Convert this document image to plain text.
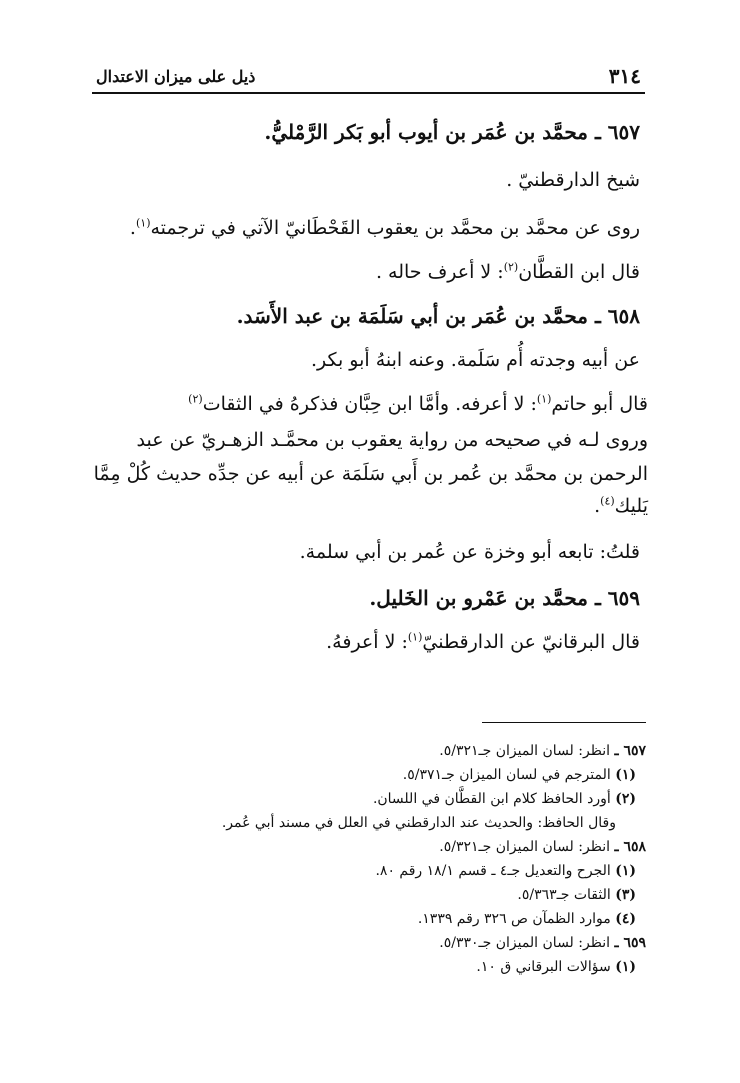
٣١٤
ذيل على ميزان الاعتدال
٦٥٧ ـ محمَّد بن عُمَر بن أيوب أبو بَكر الرَّمْليُّ.
شيخ الدارقطنيّ .
روى عن محمَّد بن محمَّد بن يعقوب القَحْطَانيّ الآتي في ترجمته$^{(١)}$.
قال ابن القطَّان$^{(٢)}$: لا أعرف حاله .
٦٥٨ ـ محمَّد بن عُمَر بن أبي سَلَمَة بن عبد الأَسَد.
عن أبيه وجدته أُم سَلَمة. وعنه ابنهُ أبو بكر.
قال أبو حاتم$^{(١)}$: لا أعرفه. وأمَّا ابن حِبَّان فذكرهُ في الثقات$^{(٢)}$
وروى لـه في صحيحه من رواية يعقوب بن محمَّـد الزهـريّ عن عبد
الرحمن بن محمَّد بن عُمر بن أَبي سَلَمَة عن أبيه عن جدِّه حديث كُلْ مِمَّا
يَليك$^{(٤)}$.
قلتُ: تابعه أبو وخزة عن عُمر بن أبي سلمة.
٦٥٩ ـ محمَّد بن عَمْرو بن الخَليل.
قال البرقانيّ عن الدارقطنيّ$^{(١)}$: لا أعرفهُ.
٦٥٧ ـ انظر: لسان الميزان جـ٥/٣٢١.
(١) المترجم في لسان الميزان جـ٥/٣٧١.
(٢) أورد الحافظ كلام ابن القطَّان في اللسان.
وقال الحافظ: والحديث عند الدارقطني في العلل في مسند أبي عُمر.
٦٥٨ ـ انظر: لسان الميزان جـ٥/٣٢١.
(١) الجرح والتعديل جـ٤ ـ قسم ١٨/١ رقم ٨٠.
(٣) الثقات جـ٥/٣٦٣.
(٤) موارد الظمآن ص ٣٢٦ رقم ١٣٣٩.
٦٥٩ ـ انظر: لسان الميزان جـ٥/٣٣٠.
(١) سؤالات البرقاني ق ١٠.
